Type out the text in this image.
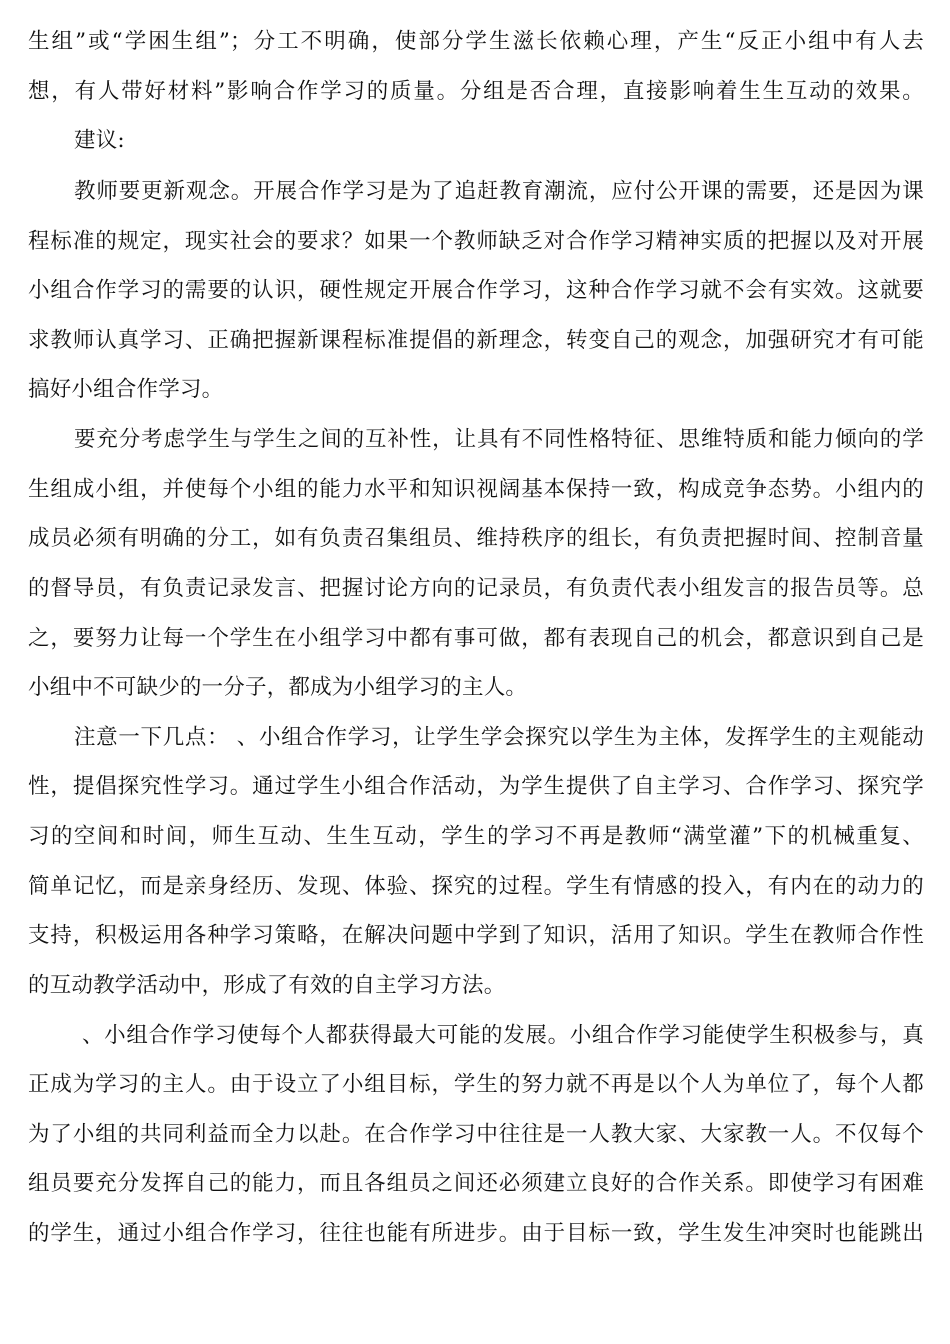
生组”或“学困生组”；分工不明确，使部分学生滋长依赖心理，产生“反正小组中有人去
想，有人带好材料”影响合作学习的质量。分组是否合理，直接影响着生生互动的效果。
建议:
教师要更新观念。开展合作学习是为了追赶教育潮流，应付公开课的需要，还是因为课
程标准的规定，现实社会的要求？如果一个教师缺乏对合作学习精神实质的把握以及对开展
小组合作学习的需要的认识，硬性规定开展合作学习，这种合作学习就不会有实效。这就要
求教师认真学习、正确把握新课程标准提倡的新理念，转变自己的观念，加强研究才有可能
搞好小组合作学习。
要充分考虑学生与学生之间的互补性，让具有不同性格特征、思维特质和能力倾向的学
生组成小组，并使每个小组的能力水平和知识视阔基本保持一致，构成竞争态势。小组内的
成员必须有明确的分工，如有负责召集组员、维持秩序的组长，有负责把握时间、控制音量
的督导员，有负责记录发言、把握讨论方向的记录员，有负责代表小组发言的报告员等。总
之，要努力让每一个学生在小组学习中都有事可做，都有表现自己的机会，都意识到自己是
小组中不可缺少的一分子，都成为小组学习的主人。
注意一下几点： 、小组合作学习，让学生学会探究以学生为主体，发挥学生的主观能动
性，提倡探究性学习。通过学生小组合作活动，为学生提供了自主学习、合作学习、探究学
习的空间和时间，师生互动、生生互动，学生的学习不再是教师“满堂灌”下的机械重复、
简单记忆，而是亲身经历、发现、体验、探究的过程。学生有情感的投入，有内在的动力的
支持，积极运用各种学习策略，在解决问题中学到了知识，活用了知识。学生在教师合作性
的互动教学活动中，形成了有效的自主学习方法。
、小组合作学习使每个人都获得最大可能的发展。小组合作学习能使学生积极参与，真
正成为学习的主人。由于设立了小组目标，学生的努力就不再是以个人为单位了，每个人都
为了小组的共同利益而全力以赴。在合作学习中往往是一人教大家、大家教一人。不仅每个
组员要充分发挥自己的能力，而且各组员之间还必须建立良好的合作关系。即使学习有困难
的学生，通过小组合作学习，往往也能有所进步。由于目标一致，学生发生冲突时也能跳出
